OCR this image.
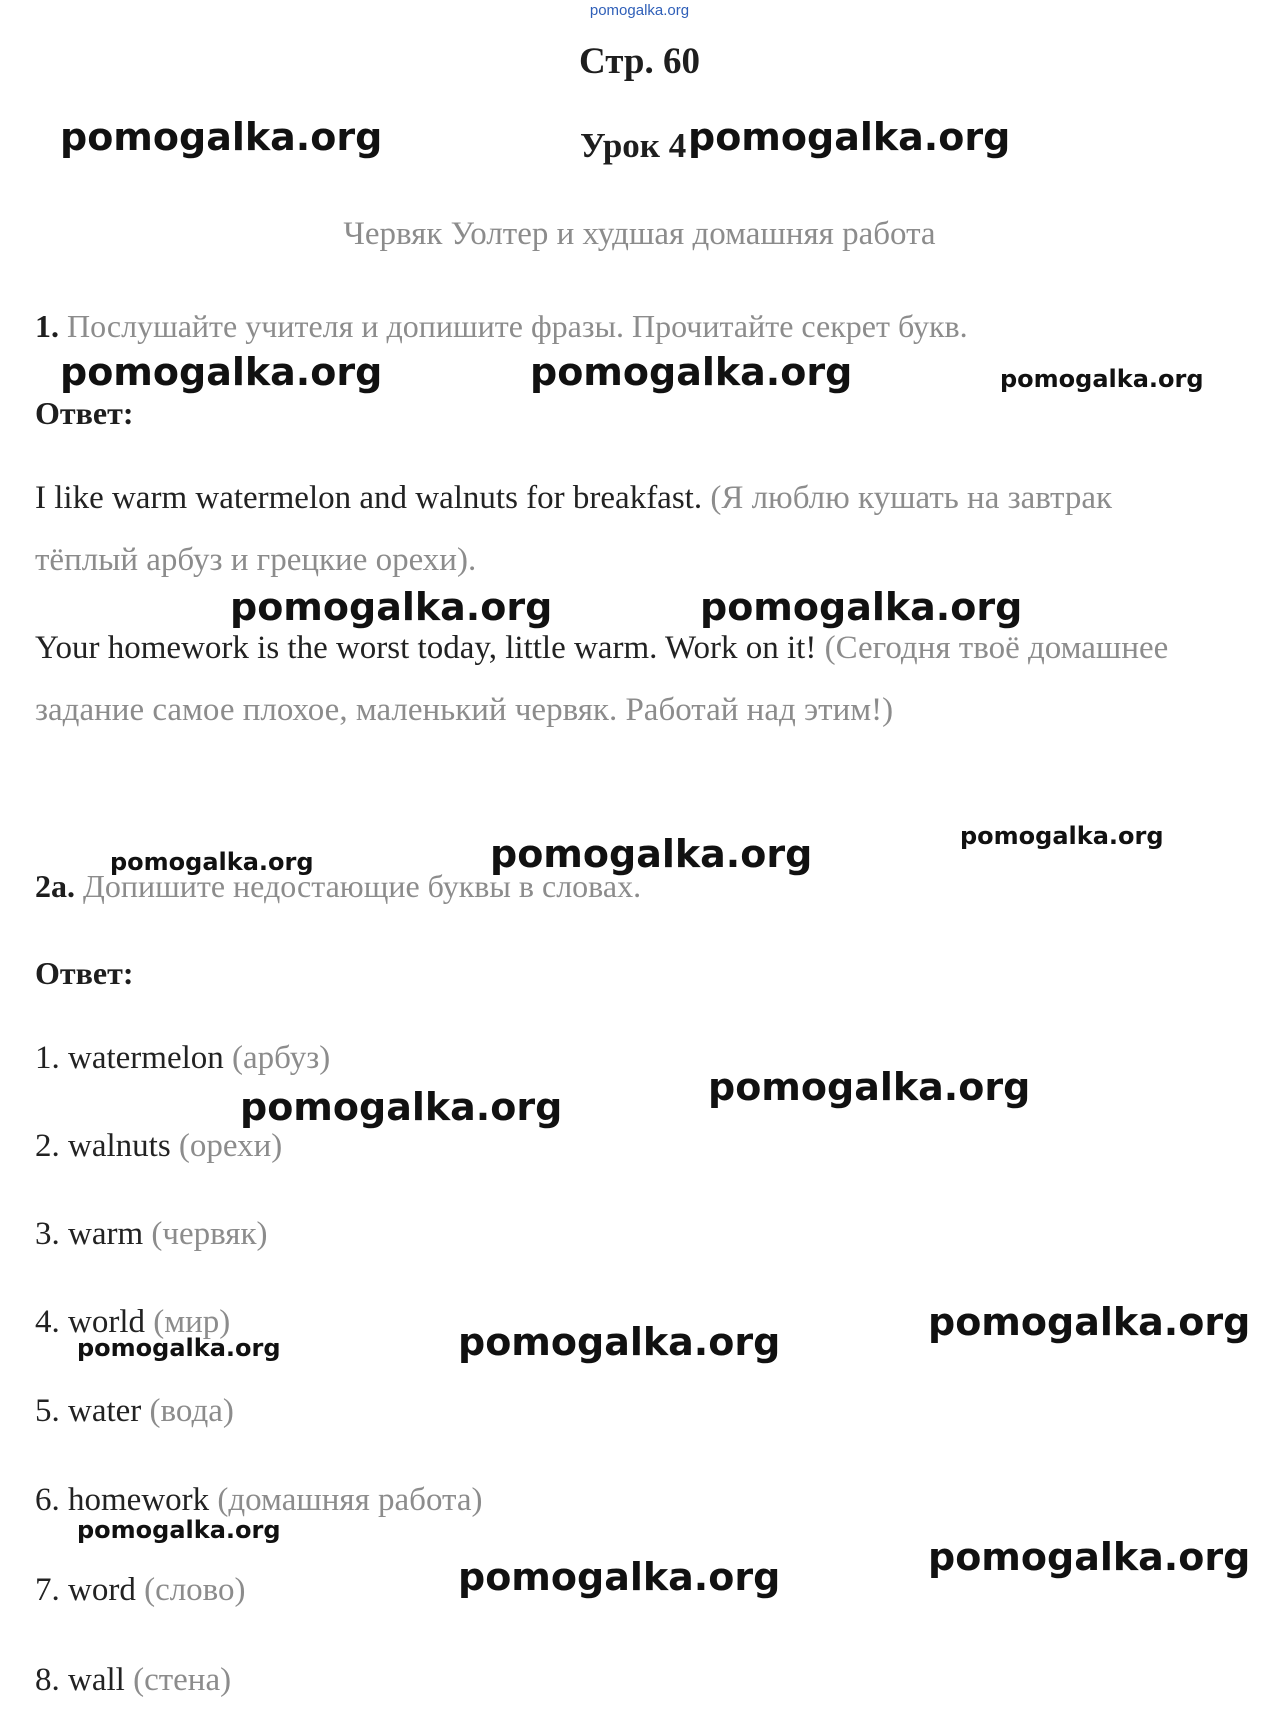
pomogalka.org
Стр. 60
Урок 4
Червяк Уолтер и худшая домашняя работа
1. Послушайте учителя и допишите фразы. Прочитайте секрет букв.
Ответ:
I like warm watermelon and walnuts for breakfast. (Я люблю кушать на завтрак тёплый арбуз и грецкие орехи).
Your homework is the worst today, little warm. Work on it! (Сегодня твоё домашнее задание самое плохое, маленький червяк. Работай над этим!)
2а. Допишите недостающие буквы в словах.
Ответ:
1. watermelon (арбуз)
2. walnuts (орехи)
3. warm (червяк)
4. world (мир)
5. water (вода)
6. homework (домашняя работа)
7. word (слово)
8. wall (стена)
pomogalka.org	pomogalka.org
pomogalka.org	pomogalka.org	pomogalka.org
pomogalka.org	pomogalka.org
pomogalka.org
pomogalka.org	pomogalka.org
pomogalka.org
pomogalka.org
pomogalka.org
pomogalka.org	pomogalka.org
pomogalka.org
pomogalka.org
pomogalka.org
